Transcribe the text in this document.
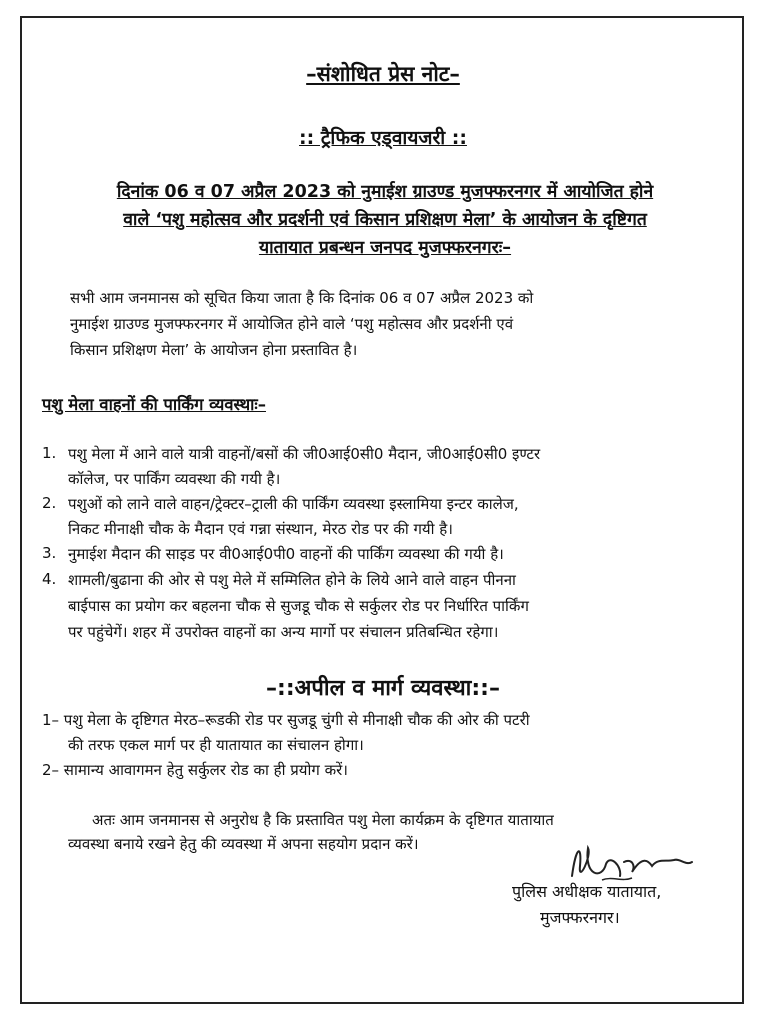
–संशोधित प्रेस नोट–
:: ट्रैफिक एड्वायजरी ::
दिनांक 06 व 07 अप्रैल 2023 को नुमाईश ग्राउण्ड मुजफ्फरनगर में आयोजित होने
वाले ‘पशु महोत्सव और प्रदर्शनी एवं किसान प्रशिक्षण मेला’ के आयोजन के दृष्टिगत
यातायात प्रबन्धन जनपद मुजफ्फरनगरः–
सभी आम जनमानस को सूचित किया जाता है कि दिनांक 06 व 07 अप्रैल 2023 को
नुमाईश ग्राउण्ड मुजफ्फरनगर में आयोजित होने वाले ‘पशु महोत्सव और प्रदर्शनी एवं
किसान प्रशिक्षण मेला’ के आयोजन होना प्रस्तावित है।
पशु मेला वाहनों की पार्किंग व्यवस्थाः–
1. पशु मेला में आने वाले यात्री वाहनों/बसों की जी0आई0सी0 मैदान, जी0आई0सी0 इण्टर
कॉलेज, पर पार्किंग व्यवस्था की गयी है।
2. पशुओं को लाने वाले वाहन/ट्रेक्टर–ट्राली की पार्किंग व्यवस्था इस्लामिया इन्टर कालेज,
निकट मीनाक्षी चौक के मैदान एवं गन्ना संस्थान, मेरठ रोड पर की गयी है।
3. नुमाईश मैदान की साइड पर वी0आई0पी0 वाहनों की पार्किंग व्यवस्था की गयी है।
4. शामली/बुढाना की ओर से पशु मेले में सम्मिलित होने के लिये आने वाले वाहन पीनना
बाईपास का प्रयोग कर बहलना चौक से सुजडू चौक से सर्कुलर रोड पर निर्धारित पार्किंग
पर पहुंचेगें। शहर में उपरोक्त वाहनों का अन्य मार्गो पर संचालन प्रतिबन्धित रहेगा।
–::अपील व मार्ग व्यवस्था::–
1– पशु मेला के दृष्टिगत मेरठ–रूडकी रोड पर सुजडू चुंगी से मीनाक्षी चौक की ओर की पटरी
की तरफ एकल मार्ग पर ही यातायात का संचालन होगा।
2– सामान्य आवागमन हेतु सर्कुलर रोड का ही प्रयोग करें।
अतः आम जनमानस से अनुरोध है कि प्रस्तावित पशु मेला कार्यक्रम के दृष्टिगत यातायात
व्यवस्था बनाये रखने हेतु की व्यवस्था में अपना सहयोग प्रदान करें।
पुलिस अधीक्षक यातायात,
मुजफ्फरनगर।
